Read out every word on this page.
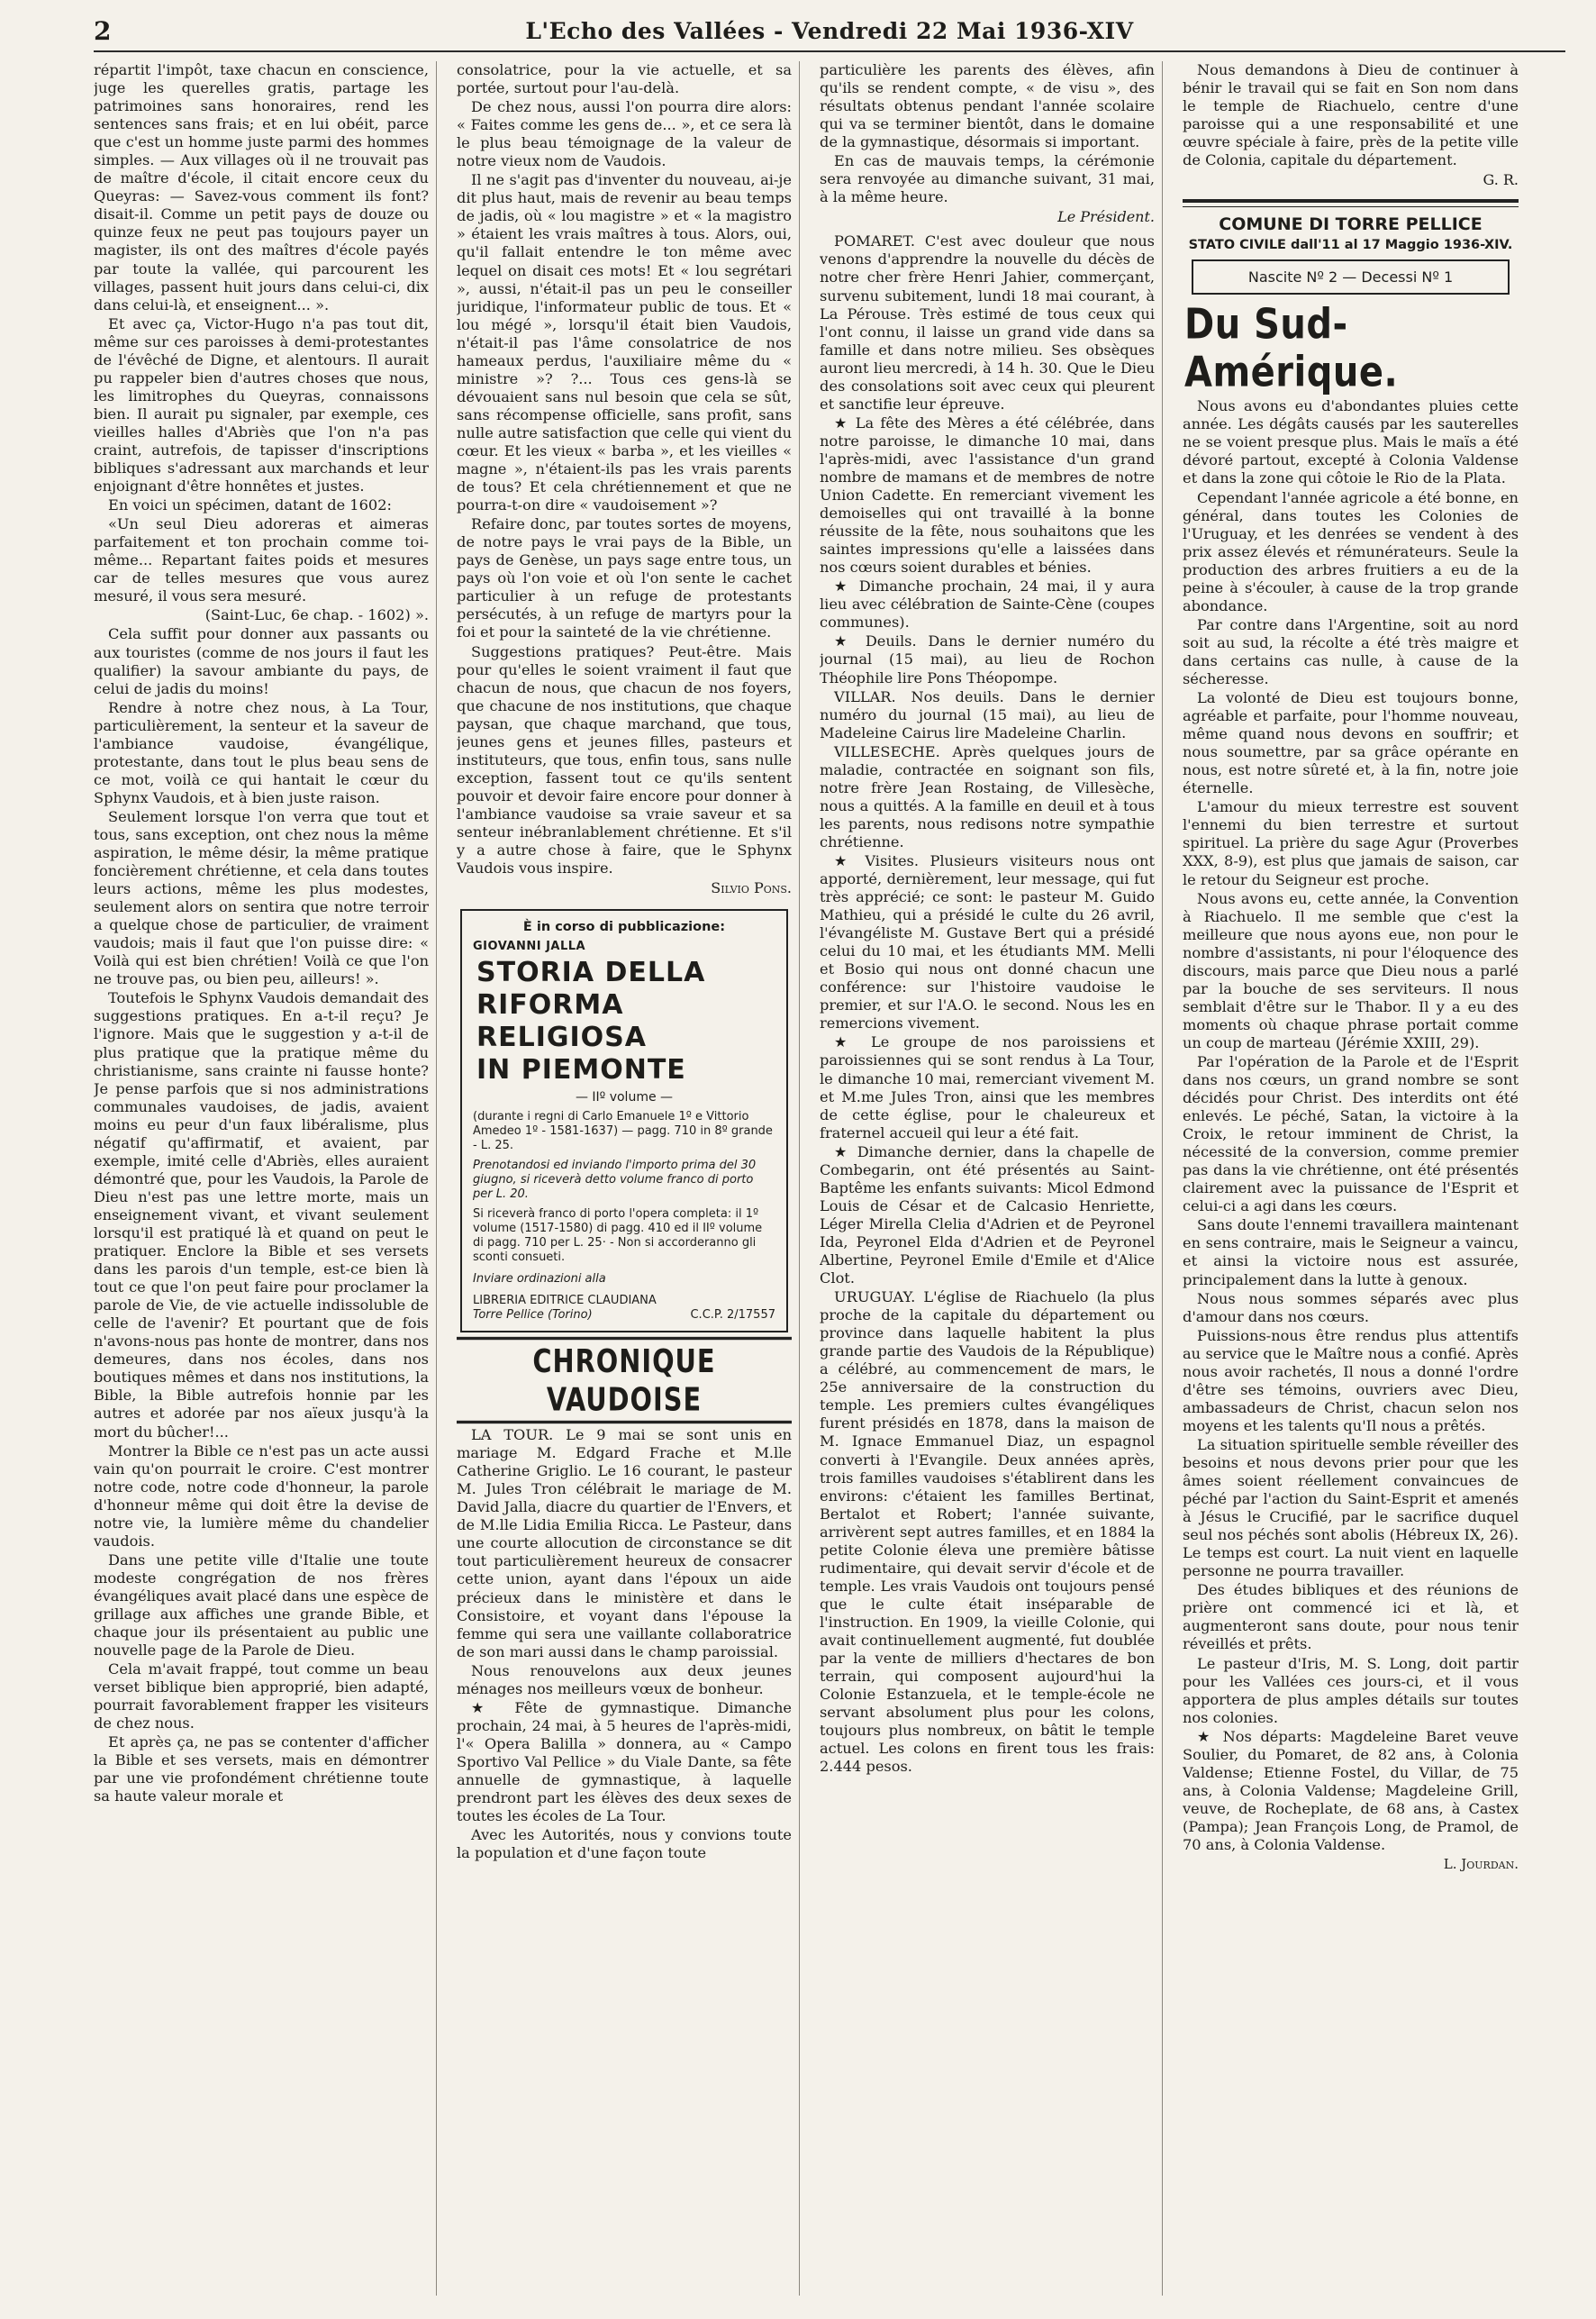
2	L'Echo des Vallées - Vendredi 22 Mai 1936-XIV

répartit l'impôt, taxe chacun en conscience, juge les querelles gratis, partage les patrimoines sans honoraires, rend les sentences sans frais; et en lui obéit, parce que c'est un homme juste parmi des hommes simples. — Aux villages où il ne trouvait pas de maître d'école, il citait encore ceux du Queyras: — Savez-vous comment ils font? disait-il. Comme un petit pays de douze ou quinze feux ne peut pas toujours payer un magister, ils ont des maîtres d'école payés par toute la vallée, qui parcourent les villages, passent huit jours dans celui-ci, dix dans celui-là, et enseignent... ».

Et avec ça, Victor-Hugo n'a pas tout dit, même sur ces paroisses à demi-protestantes de l'évêché de Digne, et alentours. Il aurait pu rappeler bien d'autres choses que nous, les limitrophes du Queyras, connaissons bien. Il aurait pu signaler, par exemple, ces vieilles halles d'Abriès que l'on n'a pas craint, autrefois, de tapisser d'inscriptions bibliques s'adressant aux marchands et leur enjoignant d'être honnêtes et justes.

En voici un spécimen, datant de 1602:

«Un seul Dieu adoreras et aimeras parfaitement et ton prochain comme toi-même... Repartant faites poids et mesures car de telles mesures que vous aurez mesuré, il vous sera mesuré.

(Saint-Luc, 6e chap. - 1602) ».

Cela suffit pour donner aux passants ou aux touristes (comme de nos jours il faut les qualifier) la savour ambiante du pays, de celui de jadis du moins!

Rendre à notre chez nous, à La Tour, particulièrement, la senteur et la saveur de l'ambiance vaudoise, évangélique, protestante, dans tout le plus beau sens de ce mot, voilà ce qui hantait le cœur du Sphynx Vaudois, et à bien juste raison.

Seulement lorsque l'on verra que tout et tous, sans exception, ont chez nous la même aspiration, le même désir, la même pratique foncièrement chrétienne, et cela dans toutes leurs actions, même les plus modestes, seulement alors on sentira que notre terroir a quelque chose de particulier, de vraiment vaudois; mais il faut que l'on puisse dire: « Voilà qui est bien chrétien! Voilà ce que l'on ne trouve pas, ou bien peu, ailleurs! ».

Toutefois le Sphynx Vaudois demandait des suggestions pratiques. En a-t-il reçu? Je l'ignore. Mais que le suggestion y a-t-il de plus pratique que la pratique même du christianisme, sans crainte ni fausse honte? Je pense parfois que si nos administrations communales vaudoises, de jadis, avaient moins eu peur d'un faux libéralisme, plus négatif qu'affirmatif, et avaient, par exemple, imité celle d'Abriès, elles auraient démontré que, pour les Vaudois, la Parole de Dieu n'est pas une lettre morte, mais un enseignement vivant, et vivant seulement lorsqu'il est pratiqué là et quand on peut le pratiquer. Enclore la Bible et ses versets dans les parois d'un temple, est-ce bien là tout ce que l'on peut faire pour proclamer la parole de Vie, de vie actuelle indissoluble de celle de l'avenir? Et pourtant que de fois n'avons-nous pas honte de montrer, dans nos demeures, dans nos écoles, dans nos boutiques mêmes et dans nos institutions, la Bible, la Bible autrefois honnie par les autres et adorée par nos aïeux jusqu'à la mort du bûcher!...

Montrer la Bible ce n'est pas un acte aussi vain qu'on pourrait le croire. C'est montrer notre code, notre code d'honneur, la parole d'honneur même qui doit être la devise de notre vie, la lumière même du chandelier vaudois.

Dans une petite ville d'Italie une toute modeste congrégation de nos frères évangéliques avait placé dans une espèce de grillage aux affiches une grande Bible, et chaque jour ils présentaient au public une nouvelle page de la Parole de Dieu.

Cela m'avait frappé, tout comme un beau verset biblique bien approprié, bien adapté, pourrait favorablement frapper les visiteurs de chez nous.

Et après ça, ne pas se contenter d'afficher la Bible et ses versets, mais en démontrer par une vie profondément chrétienne toute sa haute valeur morale et

consolatrice, pour la vie actuelle, et sa portée, surtout pour l'au-delà.

De chez nous, aussi l'on pourra dire alors: « Faites comme les gens de... », et ce sera là le plus beau témoignage de la valeur de notre vieux nom de Vaudois.

Il ne s'agit pas d'inventer du nouveau, ai-je dit plus haut, mais de revenir au beau temps de jadis, où « lou magistre » et « la magistro » étaient les vrais maîtres à tous. Alors, oui, qu'il fallait entendre le ton même avec lequel on disait ces mots! Et « lou segrétari », aussi, n'était-il pas un peu le conseiller juridique, l'informateur public de tous. Et « lou mégé », lorsqu'il était bien Vaudois, n'était-il pas l'âme consolatrice de nos hameaux perdus, l'auxiliaire même du « ministre »? ?... Tous ces gens-là se dévouaient sans nul besoin que cela se sût, sans récompense officielle, sans profit, sans nulle autre satisfaction que celle qui vient du cœur. Et les vieux « barba », et les vieilles « magne », n'étaient-ils pas les vrais parents de tous? Et cela chrétiennement et que ne pourra-t-on dire « vaudoisement »?

Refaire donc, par toutes sortes de moyens, de notre pays le vrai pays de la Bible, un pays de Genèse, un pays sage entre tous, un pays où l'on voie et où l'on sente le cachet particulier à un refuge de protestants persécutés, à un refuge de martyrs pour la foi et pour la sainteté de la vie chrétienne.

Suggestions pratiques? Peut-être. Mais pour qu'elles le soient vraiment il faut que chacun de nous, que chacun de nos foyers, que chacune de nos institutions, que chaque paysan, que chaque marchand, que tous, jeunes gens et jeunes filles, pasteurs et instituteurs, que tous, enfin tous, sans nulle exception, fassent tout ce qu'ils sentent pouvoir et devoir faire encore pour donner à l'ambiance vaudoise sa vraie saveur et sa senteur inébranlablement chrétienne. Et s'il y a autre chose à faire, que le Sphynx Vaudois vous inspire.

Silvio Pons.
È in corso di pubblicazione:
GIOVANNI JALLA
STORIA DELLA
RIFORMA RELIGIOSA
IN PIEMONTE
— IIº volume —
(durante i regni di Carlo Emanuele 1º e Vittorio Amedeo 1º - 1581-1637) — pagg. 710 in 8º grande - L. 25.
Prenotandosi ed inviando l'importo prima del 30 giugno, si riceverà detto volume franco di porto per L. 20.
Si riceverà franco di porto l'opera completa: il 1º volume (1517-1580) di pagg. 410 ed il IIº volume di pagg. 710 per L. 25· - Non si accorderanno gli sconti consueti.
Inviare ordinazioni alla
LIBRERIA EDITRICE CLAUDIANA
Torre Pellice (Torino)	C.C.P. 2/17557
CHRONIQUE VAUDOISE

LA TOUR. Le 9 mai se sont unis en mariage M. Edgard Frache et M.lle Catherine Griglio. Le 16 courant, le pasteur M. Jules Tron célébrait le mariage de M. David Jalla, diacre du quartier de l'Envers, et de M.lle Lidia Emilia Ricca. Le Pasteur, dans une courte allocution de circonstance se dit tout particulièrement heureux de consacrer cette union, ayant dans l'époux un aide précieux dans le ministère et dans le Consistoire, et voyant dans l'épouse la femme qui sera une vaillante collaboratrice de son mari aussi dans le champ paroissial.

Nous renouvelons aux deux jeunes ménages nos meilleurs vœux de bonheur.

★ Fête de gymnastique. Dimanche prochain, 24 mai, à 5 heures de l'après-midi, l'« Opera Balilla » donnera, au « Campo Sportivo Val Pellice » du Viale Dante, sa fête annuelle de gymnastique, à laquelle prendront part les élèves des deux sexes de toutes les écoles de La Tour.

Avec les Autorités, nous y convions toute la population et d'une façon toute

particulière les parents des élèves, afin qu'ils se rendent compte, « de visu », des résultats obtenus pendant l'année scolaire qui va se terminer bientôt, dans le domaine de la gymnastique, désormais si important.

En cas de mauvais temps, la cérémonie sera renvoyée au dimanche suivant, 31 mai, à la même heure.

Le Président.

POMARET. C'est avec douleur que nous venons d'apprendre la nouvelle du décès de notre cher frère Henri Jahier, commerçant, survenu subitement, lundi 18 mai courant, à La Pérouse. Très estimé de tous ceux qui l'ont connu, il laisse un grand vide dans sa famille et dans notre milieu. Ses obsèques auront lieu mercredi, à 14 h. 30. Que le Dieu des consolations soit avec ceux qui pleurent et sanctifie leur épreuve.

★ La fête des Mères a été célébrée, dans notre paroisse, le dimanche 10 mai, dans l'après-midi, avec l'assistance d'un grand nombre de mamans et de membres de notre Union Cadette. En remerciant vivement les demoiselles qui ont travaillé à la bonne réussite de la fête, nous souhaitons que les saintes impressions qu'elle a laissées dans nos cœurs soient durables et bénies.

★ Dimanche prochain, 24 mai, il y aura lieu avec célébration de Sainte-Cène (coupes communes).

★ Deuils. Dans le dernier numéro du journal (15 mai), au lieu de Rochon Théophile lire Pons Théopompe.

VILLAR. Nos deuils. Dans le dernier numéro du journal (15 mai), au lieu de Madeleine Cairus lire Madeleine Charlin.

VILLESECHE. Après quelques jours de maladie, contractée en soignant son fils, notre frère Jean Rostaing, de Villesèche, nous a quittés. A la famille en deuil et à tous les parents, nous redisons notre sympathie chrétienne.

★ Visites. Plusieurs visiteurs nous ont apporté, dernièrement, leur message, qui fut très apprécié; ce sont: le pasteur M. Guido Mathieu, qui a présidé le culte du 26 avril, l'évangéliste M. Gustave Bert qui a présidé celui du 10 mai, et les étudiants MM. Melli et Bosio qui nous ont donné chacun une conférence: sur l'histoire vaudoise le premier, et sur l'A.O. le second. Nous les en remercions vivement.

★ Le groupe de nos paroissiens et paroissiennes qui se sont rendus à La Tour, le dimanche 10 mai, remerciant vivement M. et M.me Jules Tron, ainsi que les membres de cette église, pour le chaleureux et fraternel accueil qui leur a été fait.

★ Dimanche dernier, dans la chapelle de Combegarin, ont été présentés au Saint-Baptême les enfants suivants: Micol Edmond Louis de César et de Calcasio Henriette, Léger Mirella Clelia d'Adrien et de Peyronel Ida, Peyronel Elda d'Adrien et de Peyronel Albertine, Peyronel Emile d'Emile et d'Alice Clot.

URUGUAY. L'église de Riachuelo (la plus proche de la capitale du département ou province dans laquelle habitent la plus grande partie des Vaudois de la République) a célébré, au commencement de mars, le 25e anniversaire de la construction du temple. Les premiers cultes évangéliques furent présidés en 1878, dans la maison de M. Ignace Emmanuel Diaz, un espagnol converti à l'Evangile. Deux années après, trois familles vaudoises s'établirent dans les environs: c'étaient les familles Bertinat, Bertalot et Robert; l'année suivante, arrivèrent sept autres familles, et en 1884 la petite Colonie éleva une première bâtisse rudimentaire, qui devait servir d'école et de temple. Les vrais Vaudois ont toujours pensé que le culte était inséparable de l'instruction. En 1909, la vieille Colonie, qui avait continuellement augmenté, fut doublée par la vente de milliers d'hectares de bon terrain, qui composent aujourd'hui la Colonie Estanzuela, et le temple-école ne servant absolument plus pour les colons, toujours plus nombreux, on bâtit le temple actuel. Les colons en firent tous les frais: 2.444 pesos.

Nous demandons à Dieu de continuer à bénir le travail qui se fait en Son nom dans le temple de Riachuelo, centre d'une paroisse qui a une responsabilité et une œuvre spéciale à faire, près de la petite ville de Colonia, capitale du département.

G. R.
COMUNE DI TORRE PELLICE
STATO CIVILE dall'11 al 17 Maggio 1936-XIV.
Nascite Nº 2 — Decessi Nº 1
Du Sud-Amérique.

Nous avons eu d'abondantes pluies cette année. Les dégâts causés par les sauterelles ne se voient presque plus. Mais le maïs a été dévoré partout, excepté à Colonia Valdense et dans la zone qui côtoie le Rio de la Plata.

Cependant l'année agricole a été bonne, en général, dans toutes les Colonies de l'Uruguay, et les denrées se vendent à des prix assez élevés et rémunérateurs. Seule la production des arbres fruitiers a eu de la peine à s'écouler, à cause de la trop grande abondance.

Par contre dans l'Argentine, soit au nord soit au sud, la récolte a été très maigre et dans certains cas nulle, à cause de la sécheresse.

La volonté de Dieu est toujours bonne, agréable et parfaite, pour l'homme nouveau, même quand nous devons en souffrir; et nous soumettre, par sa grâce opérante en nous, est notre sûreté et, à la fin, notre joie éternelle.

L'amour du mieux terrestre est souvent l'ennemi du bien terrestre et surtout spirituel. La prière du sage Agur (Proverbes XXX, 8-9), est plus que jamais de saison, car le retour du Seigneur est proche.

Nous avons eu, cette année, la Convention à Riachuelo. Il me semble que c'est la meilleure que nous ayons eue, non pour le nombre d'assistants, ni pour l'éloquence des discours, mais parce que Dieu nous a parlé par la bouche de ses serviteurs. Il nous semblait d'être sur le Thabor. Il y a eu des moments où chaque phrase portait comme un coup de marteau (Jérémie XXIII, 29).

Par l'opération de la Parole et de l'Esprit dans nos cœurs, un grand nombre se sont décidés pour Christ. Des interdits ont été enlevés. Le péché, Satan, la victoire à la Croix, le retour imminent de Christ, la nécessité de la conversion, comme premier pas dans la vie chrétienne, ont été présentés clairement avec la puissance de l'Esprit et celui-ci a agi dans les cœurs.

Sans doute l'ennemi travaillera maintenant en sens contraire, mais le Seigneur a vaincu, et ainsi la victoire nous est assurée, principalement dans la lutte à genoux.

Nous nous sommes séparés avec plus d'amour dans nos cœurs.

Puissions-nous être rendus plus attentifs au service que le Maître nous a confié. Après nous avoir rachetés, Il nous a donné l'ordre d'être ses témoins, ouvriers avec Dieu, ambassadeurs de Christ, chacun selon nos moyens et les talents qu'Il nous a prêtés.

La situation spirituelle semble réveiller des besoins et nous devons prier pour que les âmes soient réellement convaincues de péché par l'action du Saint-Esprit et amenés à Jésus le Crucifié, par le sacrifice duquel seul nos péchés sont abolis (Hébreux IX, 26). Le temps est court. La nuit vient en laquelle personne ne pourra travailler.

Des études bibliques et des réunions de prière ont commencé ici et là, et augmenteront sans doute, pour nous tenir réveillés et prêts.

Le pasteur d'Iris, M. S. Long, doit partir pour les Vallées ces jours-ci, et il vous apportera de plus amples détails sur toutes nos colonies.

★ Nos départs: Magdeleine Baret veuve Soulier, du Pomaret, de 82 ans, à Colonia Valdense; Etienne Fostel, du Villar, de 75 ans, à Colonia Valdense; Magdeleine Grill, veuve, de Rocheplate, de 68 ans, à Castex (Pampa); Jean François Long, de Pramol, de 70 ans, à Colonia Valdense.

L. Jourdan.
